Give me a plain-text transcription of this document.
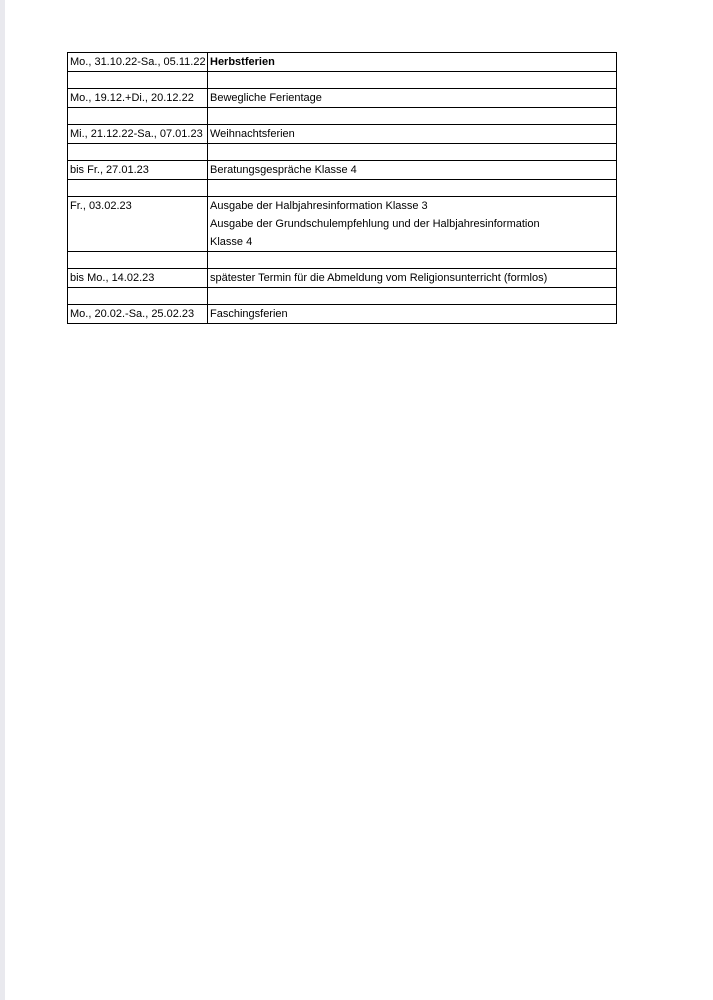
Mo., 31.10.22-Sa., 05.11.22	Herbstferien

Mo., 19.12.+Di., 20.12.22	Bewegliche Ferientage

Mi., 21.12.22-Sa., 07.01.23	Weihnachtsferien

bis Fr., 27.01.23	Beratungsgespräche Klasse 4

Fr., 03.02.23	Ausgabe der Halbjahresinformation Klasse 3
Ausgabe der Grundschulempfehlung und der Halbjahresinformation
Klasse 4

bis Mo., 14.02.23	spätester Termin für die Abmeldung vom Religionsunterricht (formlos)

Mo., 20.02.-Sa., 25.02.23	Faschingsferien
